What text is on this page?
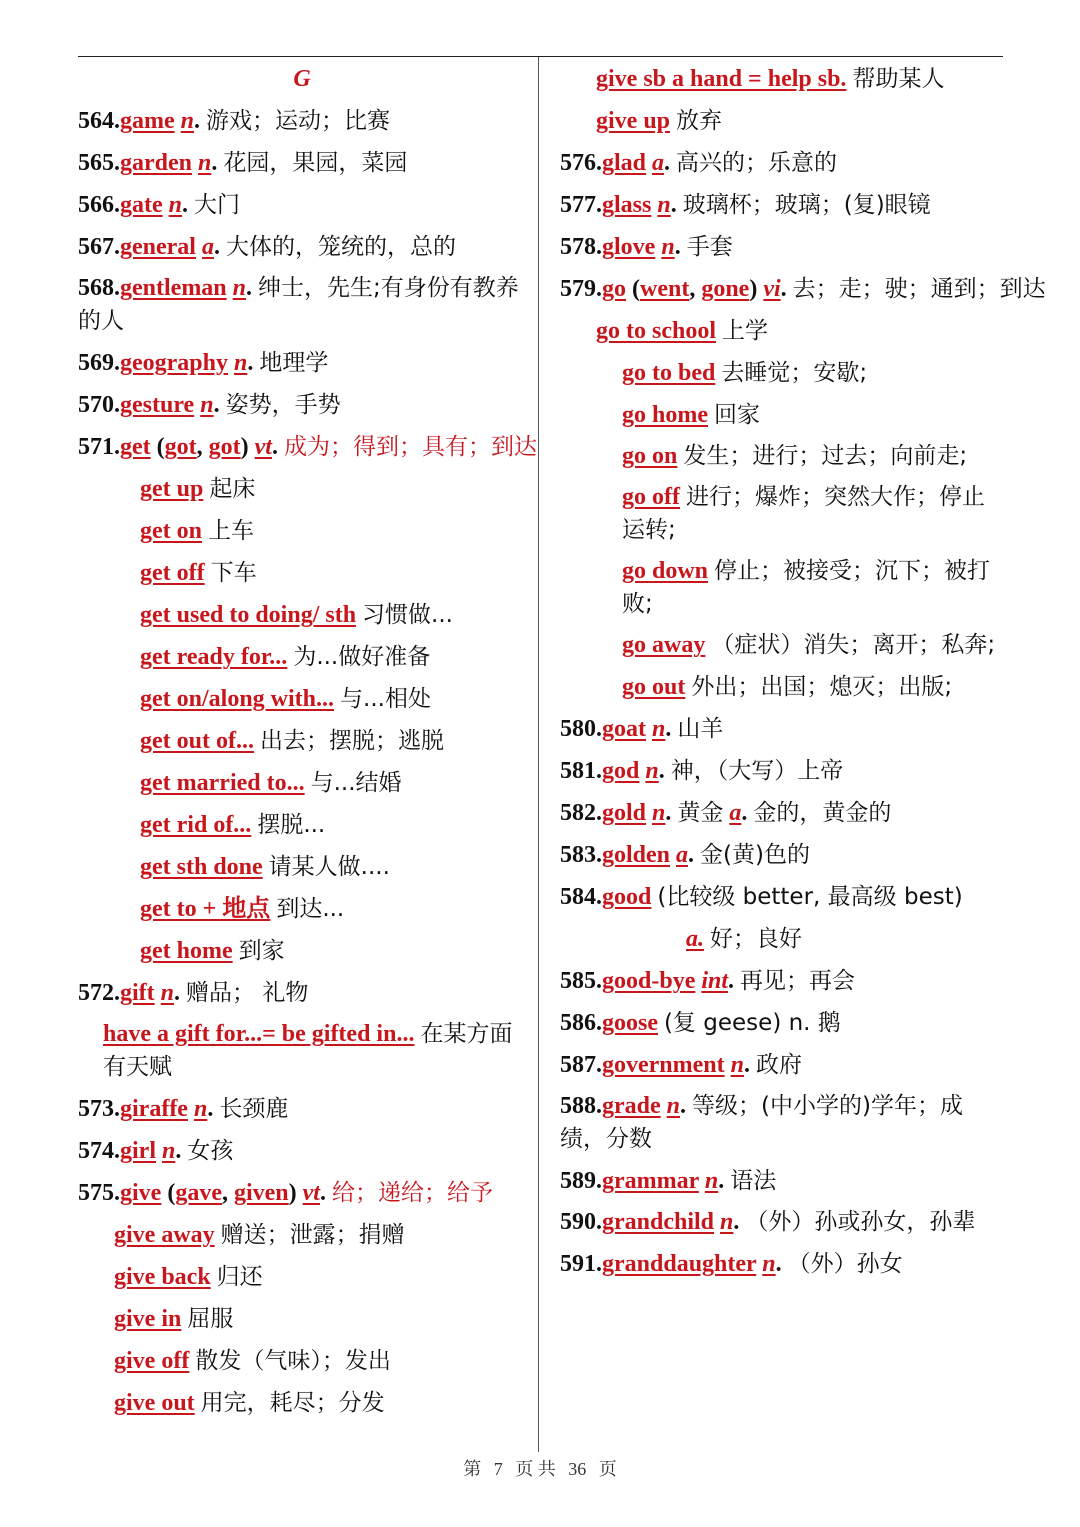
G
564.game n. 游戏；运动；比赛
565.garden n. 花园，果园，菜园
566.gate n. 大门
567.general a. 大体的，笼统的，总的
568.gentleman n. 绅士，先生;有身份有教养的人
569.geography n. 地理学
570.gesture n. 姿势，手势
571.get (got, got) vt. 成为；得到；具有；到达
get up 起床
get on 上车
get off 下车
get used to doing/ sth 习惯做...
get ready for... 为...做好准备
get on/along with... 与...相处
get out of... 出去；摆脱；逃脱
get married to... 与...结婚
get rid of... 摆脱...
get sth done 请某人做....
get to + 地点 到达...
get home 到家
572.gift n. 赠品； 礼物
have a gift for...= be gifted in... 在某方面有天赋
573.giraffe n. 长颈鹿
574.girl n. 女孩
575.give (gave, given) vt. 给；递给；给予
give away 赠送；泄露；捐赠
give back 归还
give in 屈服
give off 散发（气味）；发出
give out 用完，耗尽；分发
give sb a hand = help sb. 帮助某人
give up 放弃
576.glad a. 高兴的；乐意的
577.glass n. 玻璃杯；玻璃；(复)眼镜
578.glove n. 手套
579.go (went, gone) vi. 去；走；驶；通到；到达
go to school 上学
go to bed 去睡觉；安歇;
go home 回家
go on 发生；进行；过去；向前走;
go off 进行；爆炸；突然大作；停止运转;
go down 停止；被接受；沉下；被打败;
go away （症状）消失；离开；私奔;
go out 外出；出国；熄灭；出版;
580.goat n. 山羊
581.god n. 神，（大写）上帝
582.gold n. 黄金 a. 金的，黄金的
583.golden a. 金(黄)色的
584.good (比较级 better, 最高级 best)
a. 好；良好
585.good-bye int. 再见；再会
586.goose (复 geese) n. 鹅
587.government n. 政府
588.grade n. 等级；(中小学的)学年；成绩，分数
589.grammar n. 语法
590.grandchild n. （外）孙或孙女，孙辈
591.granddaughter n. （外）孙女
第 7 页 共 36 页
